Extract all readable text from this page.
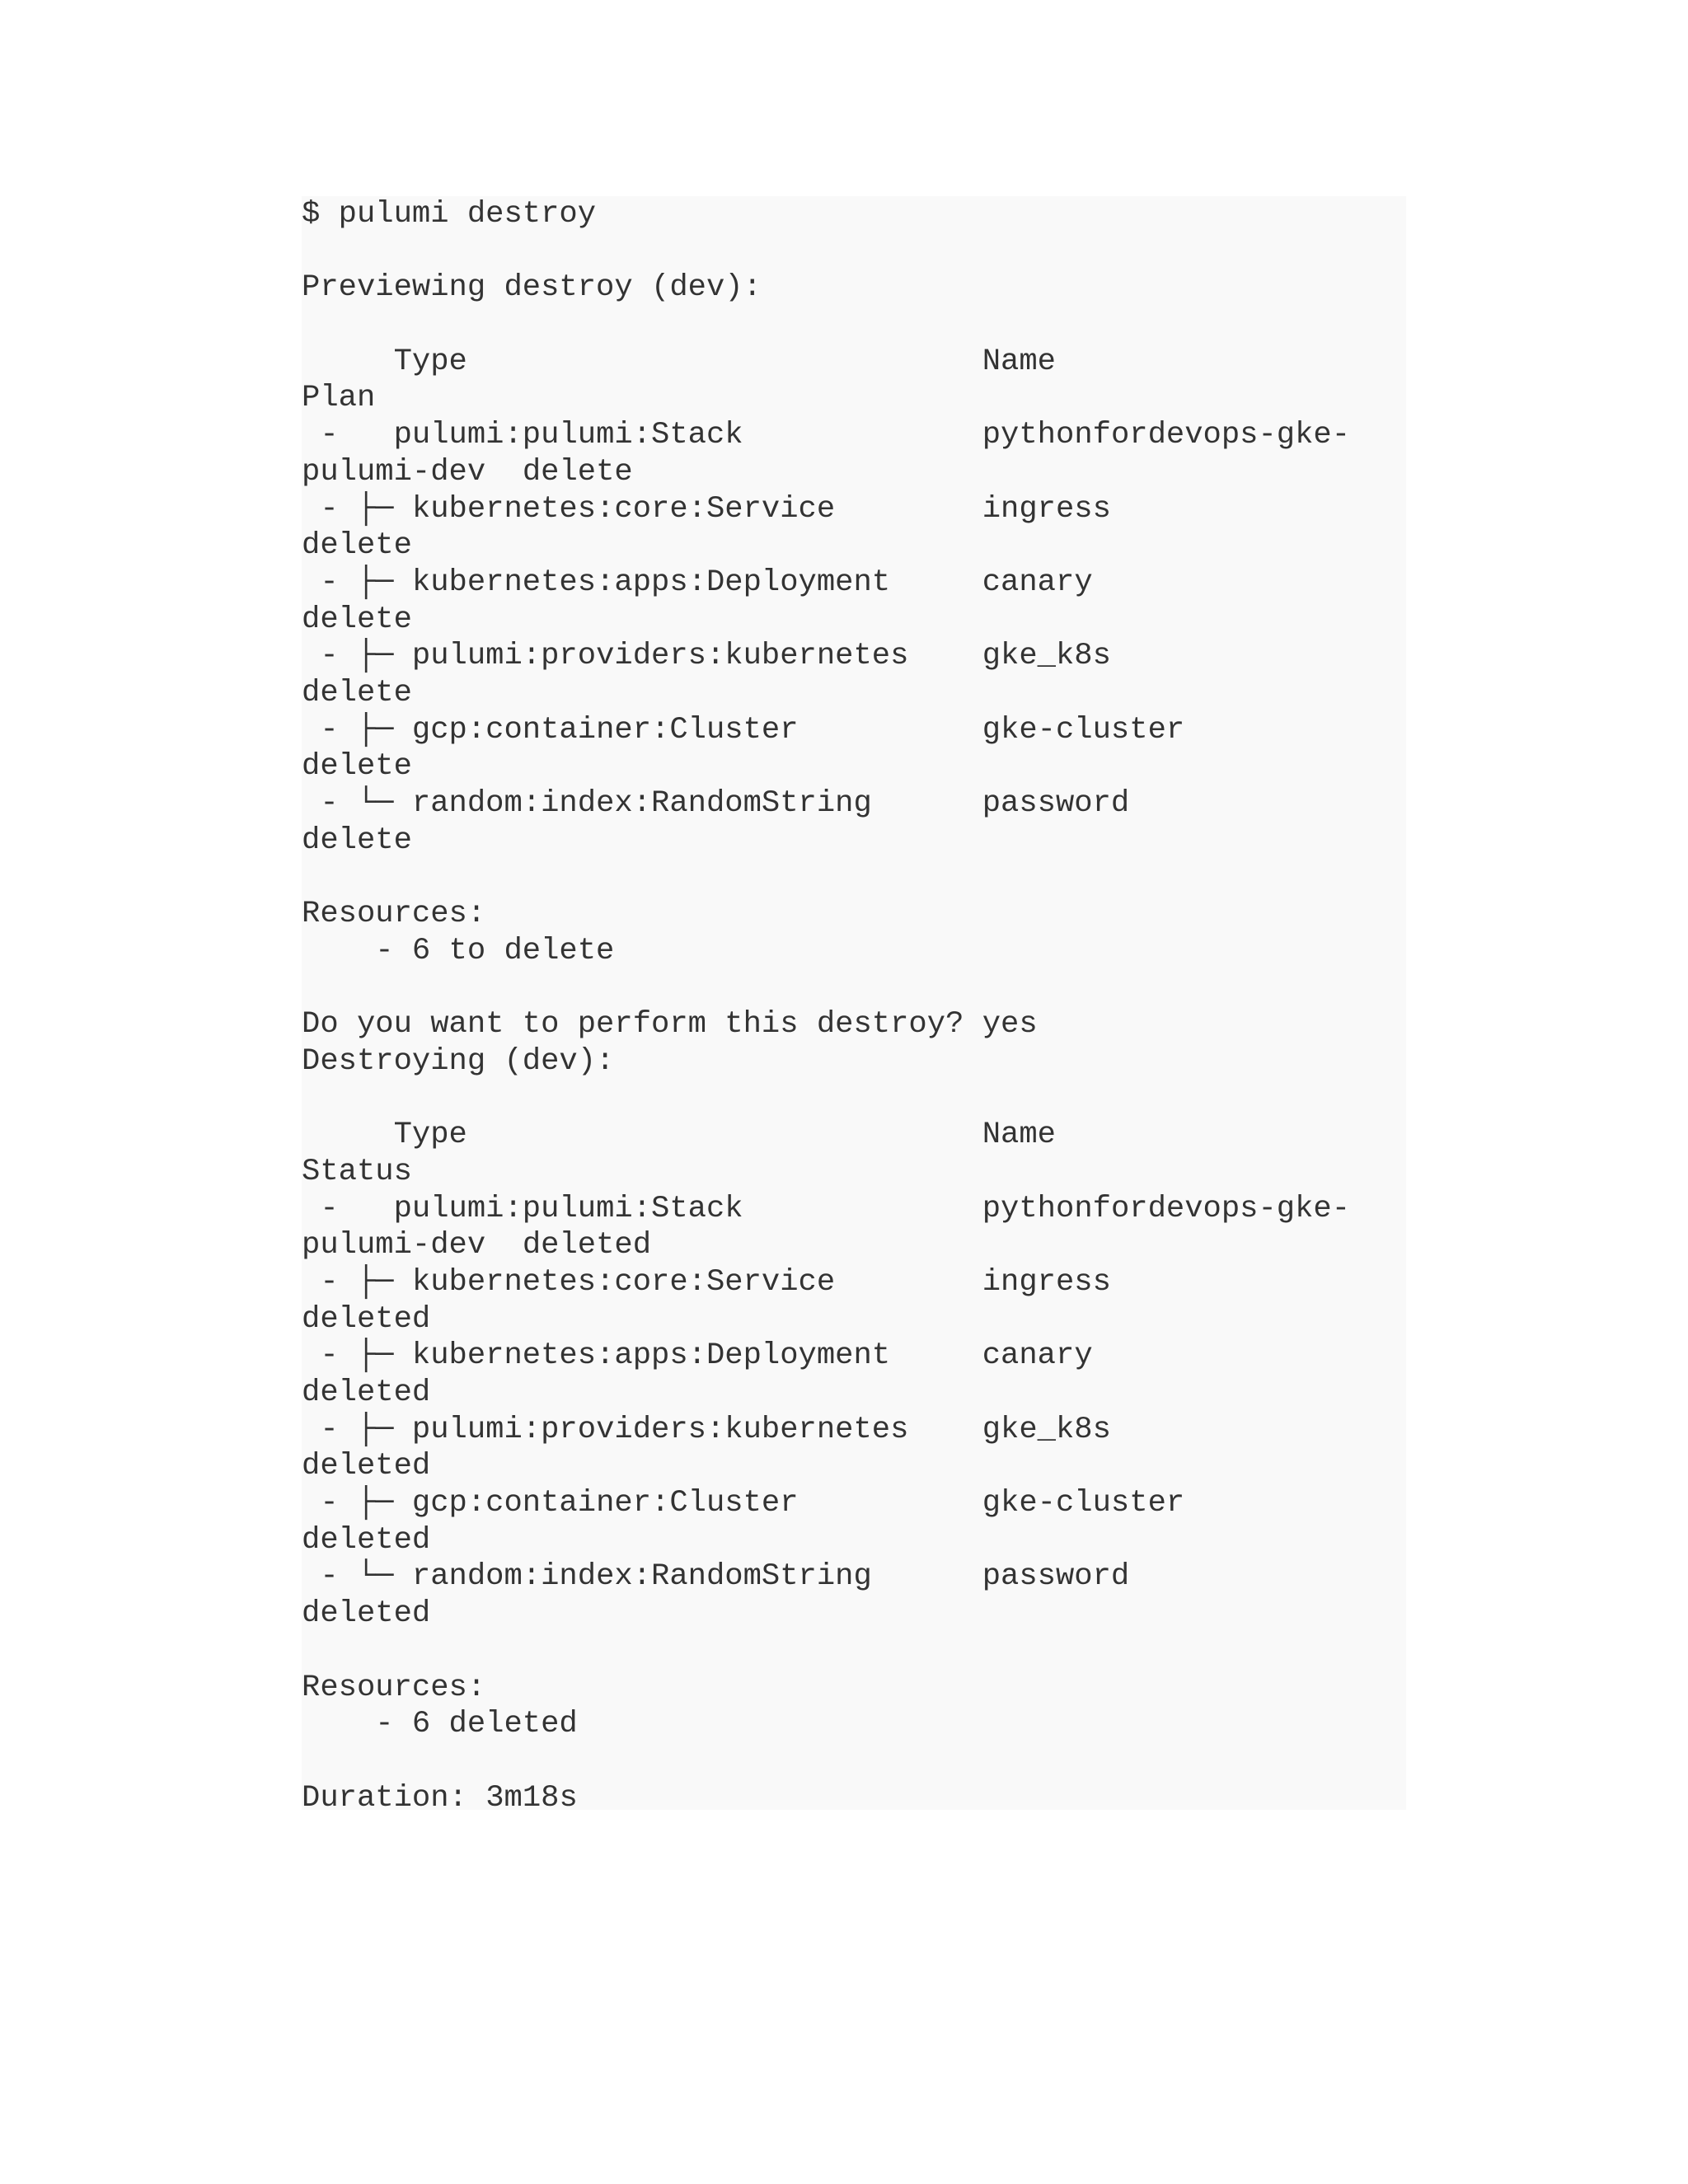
$ pulumi destroy
Previewing destroy (dev):
Type	Name
Plan
-   pulumi:pulumi:Stack	pythonfordevops-gke-
pulumi-dev delete
- ├─ kubernetes:core:Service	ingress
delete
- ├─ kubernetes:apps:Deployment	canary
delete
- ├─ pulumi:providers:kubernetes gke_k8s
delete
- ├─ gcp:container:Cluster	gke-cluster
delete
- └─ random:index:RandomString	password
delete
Resources:
- 6 to delete
Do you want to perform this destroy? yes
Destroying (dev):
Type	Name
Status
-   pulumi:pulumi:Stack	pythonfordevops-gke-
pulumi-dev deleted
- ├─ kubernetes:core:Service	ingress
deleted
- ├─ kubernetes:apps:Deployment	canary
deleted
- ├─ pulumi:providers:kubernetes gke_k8s
deleted
- ├─ gcp:container:Cluster	gke-cluster
deleted
- └─ random:index:RandomString	password
deleted
Resources:
- 6 deleted
Duration: 3m18s
